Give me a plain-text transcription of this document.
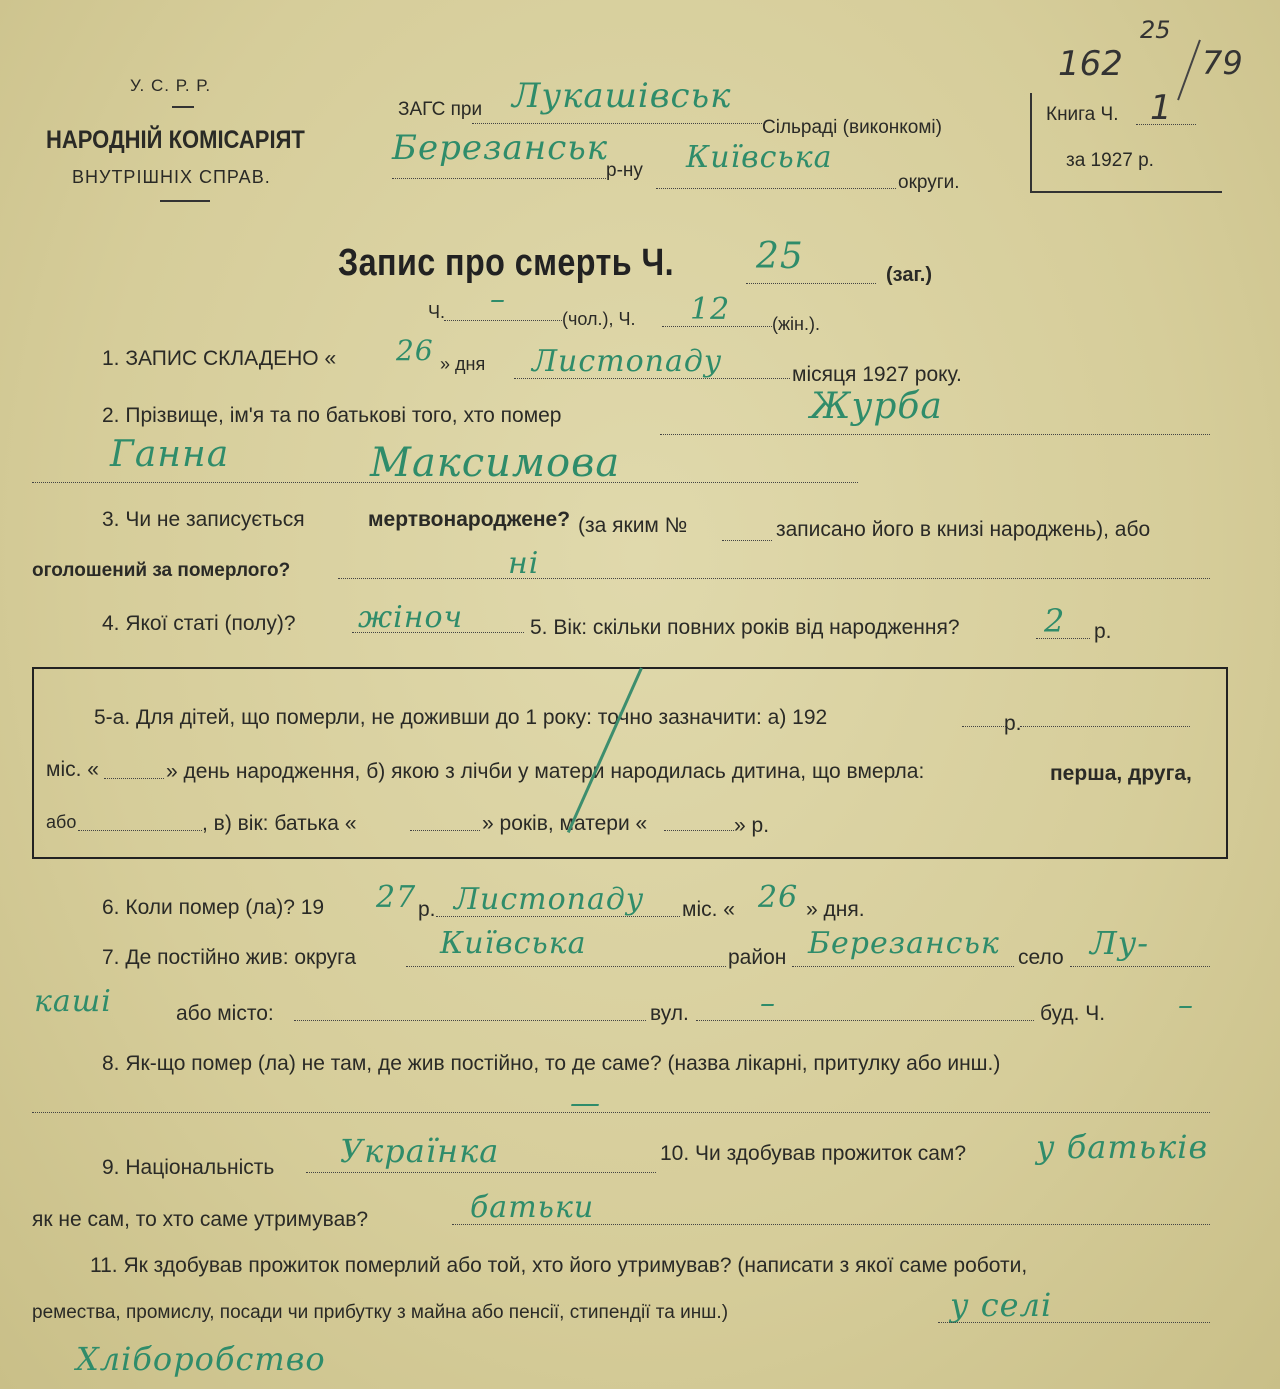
У. С. Р. Р.
НАРОДНІЙ КОМІСАРІЯТ
ВНУТРІШНІХ СПРАВ.
ЗАГС при Лукашівськ
Сільраді (виконкомі)
Березанськ
р-ну Київська
округи.
162
25
79
Книга Ч. 1
за 1927 р.
Запис про смерть Ч. 25	(заг.)
Ч. –
(чол.), Ч. 12 (жін.).
1. ЗАПИС СКЛАДЕНО « 26 » дня Листопаду	місяця 1927 року.
2. Прізвище, ім'я та по батькові того, хто помер	Журба
Ганна	Максимова
3. Чи не записується	мертвонароджене? (за яким №	записано його в книзі народжень), або
оголошений за померлого?	ні
4. Якої статі (полу)? жіноч	5. Вік: скільки повних років від народження?	2 р.
5-а. Для дітей, що померли, не доживши до 1 року: точно зазначити: а) 192	р.
міс. «	» день народження, б) якою з лічби у матери народилась дитина, що вмерла:	перша, друга,
або	, в) вік: батька «	» років, матери «	» р.
6. Коли помер (ла)? 19 27 р. Листопаду міс. « 26 » дня.
7. Де постійно жив: округа	Київська	район Березанськ село Лу-
каші	або місто:	вул. –	буд. Ч. –
8. Як-що помер (ла) не там, де жив постійно, то де саме? (назва лікарні, притулку або инш.)
—
9. Національність Українка	10. Чи здобував прожиток сам? у батьків
як не сам, то хто саме утримував?	батьки
11. Як здобував прожиток померлий або той, хто його утримував? (написати з якої саме роботи,
ремества, промислу, посади чи прибутку з майна або пенсії, стипендії та инш.)	у селі
Хліборобство
